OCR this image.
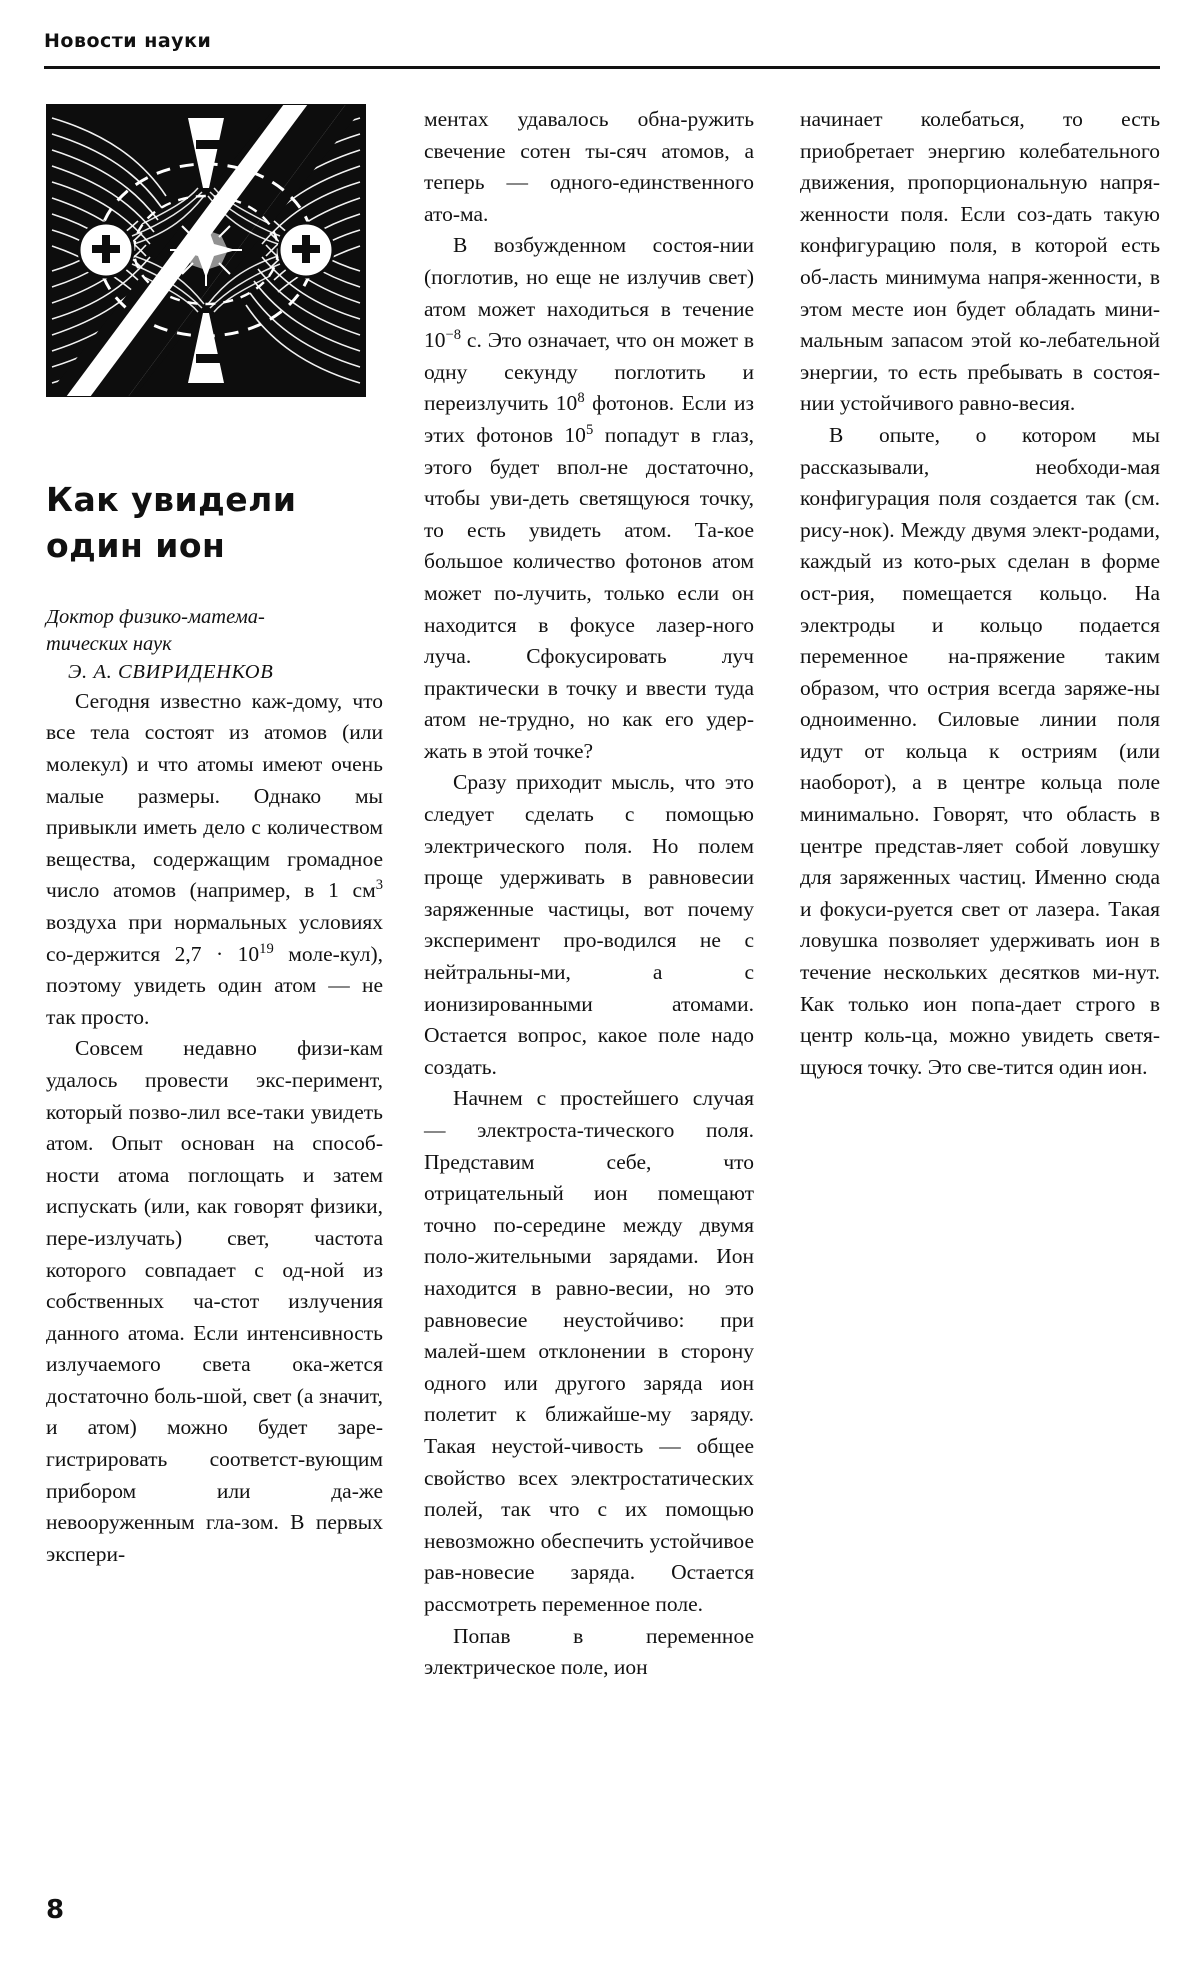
Новости науки
Как увидели
один ион
Доктор физико-матема-
тических наук
Э. А. СВИРИДЕНКОВ

Сегодня известно каж-дому, что все тела состоят из атомов (или молекул) и что атомы имеют очень малые размеры. Однако мы привыкли иметь дело с количеством вещества, содержащим громадное число атомов (например, в 1 $см^3$ воздуха при нормальных условиях со-держится $2,7 \cdot 10^{19}$ моле-кул), поэтому увидеть один атом — не так просто.

Совсем недавно физи-кам удалось провести экс-перимент, который позво-лил все-таки увидеть атом. Опыт основан на способ-ности атома поглощать и затем испускать (или, как говорят физики, пере-излучать) свет, частота которого совпадает с од-ной из собственных ча-стот излучения данного атома. Если интенсивность излучаемого света ока-жется достаточно боль-шой, свет (а значит, и атом) можно будет заре-гистрировать соответст-вующим прибором или да-же невооруженным гла-зом. В первых экспери-

ментах удавалось обна-ружить свечение сотен ты-сяч атомов, а теперь — одного-единственного ато-ма.

В возбужденном состоя-нии (поглотив, но еще не излучив свет) атом может находиться в течение $10^{-8}$ с. Это означает, что он может в одну секунду поглотить и переизлучить $10^8$ фотонов. Если из этих фотонов $10^5$ попадут в глаз, этого будет впол-не достаточно, чтобы уви-деть светящуюся точку, то есть увидеть атом. Та-кое большое количество фотонов атом может по-лучить, только если он находится в фокусе лазер-ного луча. Сфокусировать луч практически в точку и ввести туда атом не-трудно, но как его удер-жать в этой точке?

Сразу приходит мысль, что это следует сделать с помощью электрического поля. Но полем проще удерживать в равновесии заряженные частицы, вот почему эксперимент про-водился не с нейтральны-ми, а с ионизированными атомами. Остается вопрос, какое поле надо создать.

Начнем с простейшего случая — электроста-тического поля. Представим себе, что отрицательный ион помещают точно по-середине между двумя поло-жительными зарядами. Ион находится в равно-весии, но это равновесие неустойчиво: при малей-шем отклонении в сторону одного или другого заряда ион полетит к ближайше-му заряду. Такая неустой-чивость — общее свойство всех электростатических полей, так что с их помощью невозможно обеспечить устойчивое рав-новесие заряда. Остается рассмотреть переменное поле.

Попав в переменное электрическое поле, ион

начинает колебаться, то есть приобретает энергию колебательного движения, пропорциональную напря-женности поля. Если соз-дать такую конфигурацию поля, в которой есть об-ласть минимума напря-женности, в этом месте ион будет обладать мини-мальным запасом этой ко-лебательной энергии, то есть пребывать в состоя-нии устойчивого равно-весия.

В опыте, о котором мы рассказывали, необходи-мая конфигурация поля создается так (см. рису-нок). Между двумя элект-родами, каждый из кото-рых сделан в форме ост-рия, помещается кольцо. На электроды и кольцо подается переменное на-пряжение таким образом, что острия всегда заряже-ны одноименно. Силовые линии поля идут от кольца к остриям (или наоборот), а в центре кольца поле минимально. Говорят, что область в центре представ-ляет собой ловушку для заряженных частиц. Именно сюда и фокуси-руется свет от лазера. Такая ловушка позволяет удерживать ион в течение нескольких десятков ми-нут. Как только ион попа-дает строго в центр коль-ца, можно увидеть светя-щуюся точку. Это све-тится один ион.

8
